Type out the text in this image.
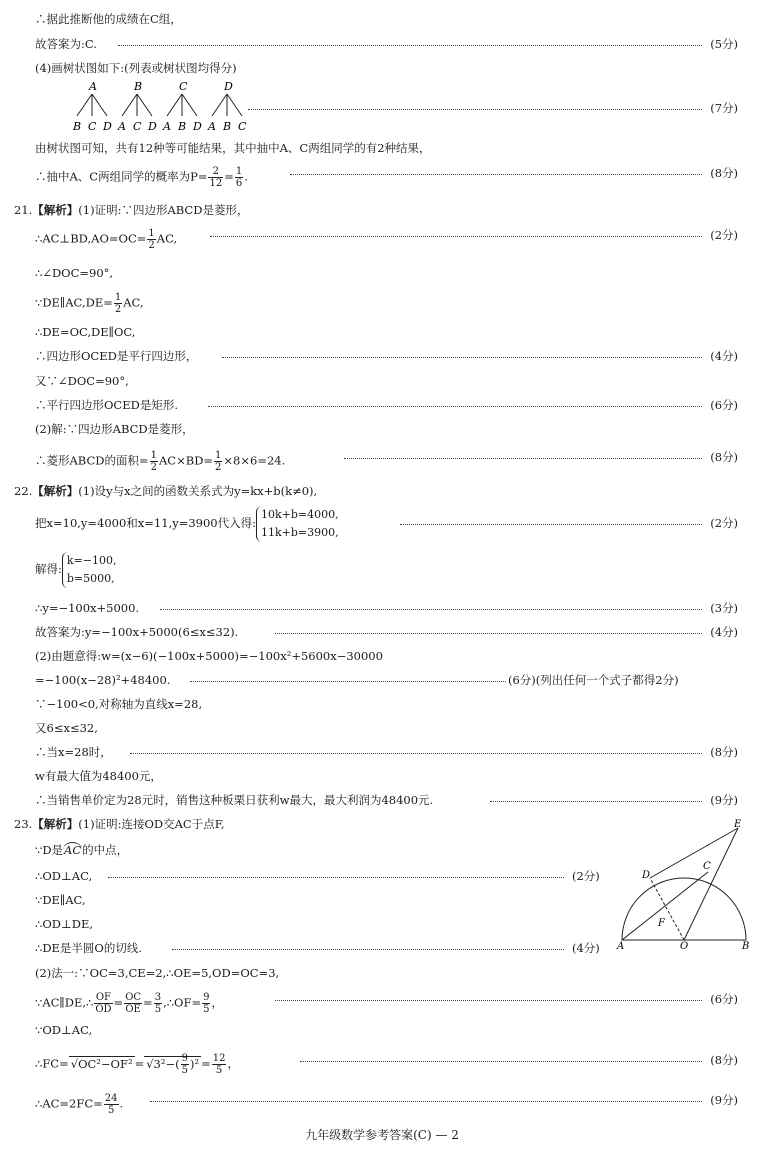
∴据此推断他的成绩在C组，
故答案为:C.	(5分)
(4)画树状图如下:(列表或树状图均得分)
A
B C D
B
A C D
C
A B D
D
A B C
(7分)
由树状图可知，共有12种等可能结果，其中抽中A、C两组同学的有2种结果，
∴抽中A、C两组同学的概率为$P= \frac{2}{12} = \frac{1}{6}$ .	(8分)
21.【解析】(1)证明:∵四边形ABCD是菱形，
∴AC⊥BD,AO=OC= $\frac{1}{2}$ AC,	(2分)
∴∠DOC=90°,
∵DE∥AC,DE= $\frac{1}{2}$ AC,
∴DE=OC,DE∥OC,
∴四边形OCED是平行四边形，	(4分)
又∵∠DOC=90°,
∴平行四边形OCED是矩形.	(6分)
(2)解:∵四边形ABCD是菱形，
∴菱形ABCD的面积= $\frac{1}{2} AC\times BD= \frac{1}{2} \times 8\times 6=24$.	(8分)
22.【解析】(1)设y与x之间的函数关系式为y=kx+b(k≠0),
把x=10,y=4000和x=11,y=3900代入得:10k+b=4000,
11k+b=3900,
(2分)
解得:k=−100,
b=5000,
∴y=−100x+5000.	(3分)
故答案为:y=−100x+5000(6≤x≤32).	(4分)
(2)由题意得:w=(x−6)(−100x+5000)=−100x²+5600x−30000
=−100(x−28)²+48400.	(6分)(列出任何一个式子都得2分)
∵−100<0,对称轴为直线x=28,
又6≤x≤32,
∴当x=28时，	(8分)
w有最大值为48400元，
∴当销售单价定为28元时，销售这种板栗日获利w最大，最大利润为48400元.	(9分)
23.【解析】(1)证明:连接OD交AC于点F,
∵D是AC的中点，
∴OD⊥AC,	(2分)
∵DE∥AC,
∴OD⊥DE,
∴DE是半圆O的切线.	(4分)
(2)法一:∵OC=3,CE=2,∴OE=5,OD=OC=3,
∵AC∥DE,∴ $\frac{OF}{OD} = \frac{OC}{OE} = \frac{3}{5}$ ,∴OF= $\frac{9}{5}$ ，	(6分)
∵OD⊥AC,
∴FC= $√OC^2-OF^2 = √3^2-( \frac{9}{5} )^2 = \frac{12}{5}$ ，	(8分)
∴AC=2FC= $\frac{24}{5}$ .	(9分)
E
D
C
F
A	O	B
九年级数学参考答案(C) — 2
